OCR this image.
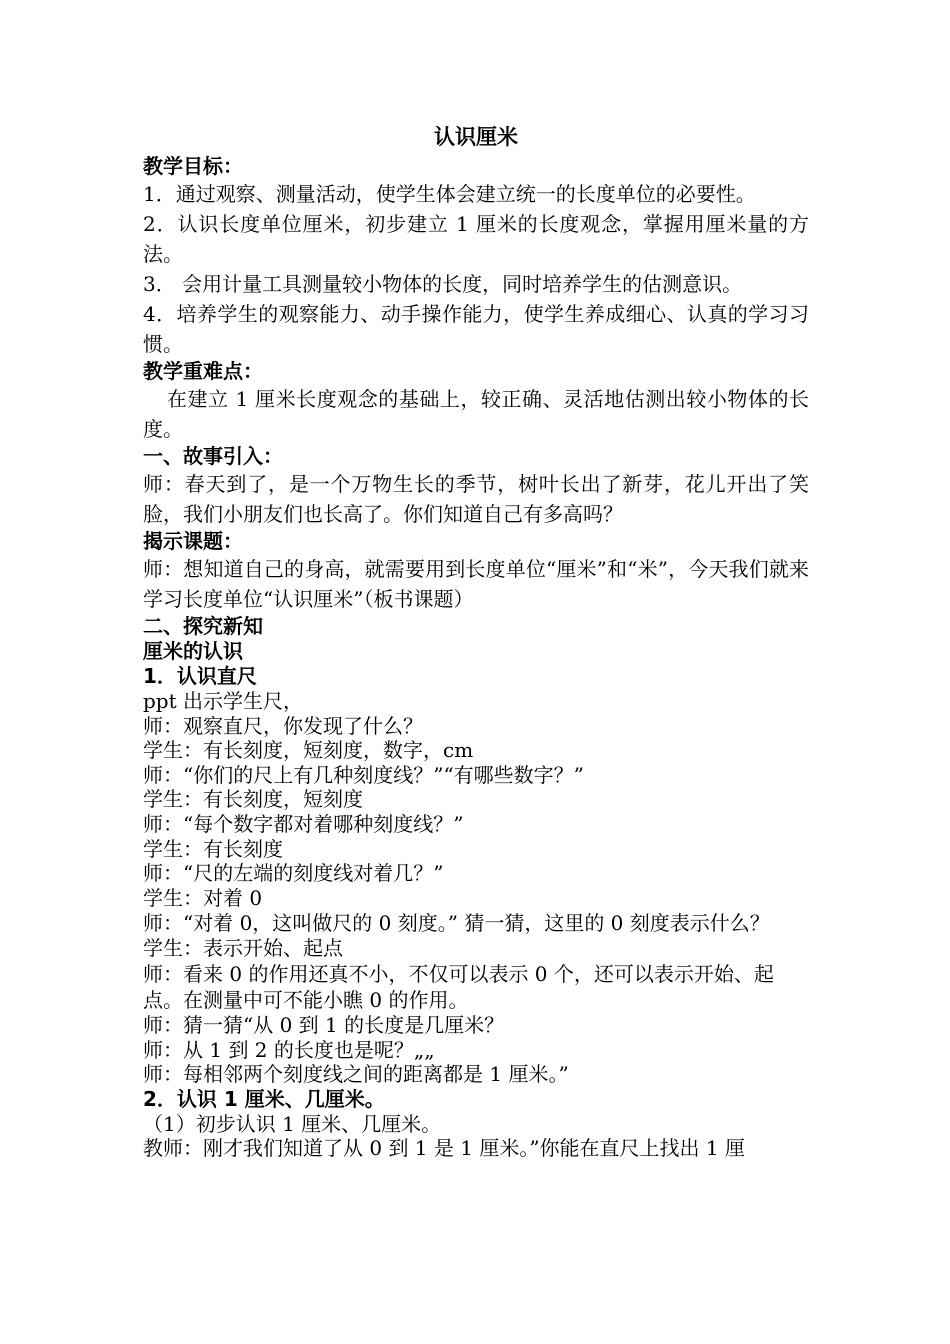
认识厘米
教学目标：
1．通过观察、测量活动，使学生体会建立统一的长度单位的必要性。
2．认识长度单位厘米，初步建立 1 厘米的长度观念，掌握用厘米量的方法。
3． 会用计量工具测量较小物体的长度，同时培养学生的估测意识。
4．培养学生的观察能力、动手操作能力，使学生养成细心、认真的学习习惯。
教学重难点：
在建立 1 厘米长度观念的基础上，较正确、灵活地估测出较小物体的长度。
一、故事引入：
师：春天到了，是一个万物生长的季节，树叶长出了新芽，花儿开出了笑脸，我们小朋友们也长高了。你们知道自己有多高吗？
揭示课题：
师：想知道自己的身高，就需要用到长度单位“厘米”和“米”，今天我们就来学习长度单位“认识厘米”（板书课题）
二、探究新知
厘米的认识
1．认识直尺
ppt 出示学生尺，
师：观察直尺，你发现了什么？
学生：有长刻度，短刻度，数字，cm
师：“你们的尺上有几种刻度线？”“有哪些数字？”
学生：有长刻度，短刻度
师：“每个数字都对着哪种刻度线？”
学生：有长刻度
师：“尺的左端的刻度线对着几？”
学生：对着 0
师：“对着 0，这叫做尺的 0 刻度。” 猜一猜，这里的 0 刻度表示什么？
学生：表示开始、起点
师：看来 0 的作用还真不小，不仅可以表示 0 个，还可以表示开始、起点。在测量中可不能小瞧 0 的作用。
师：猜一猜“从 0 到 1 的长度是几厘米？
师：从 1 到 2 的长度也是呢？„„
师：每相邻两个刻度线之间的距离都是 1 厘米。”
2．认识 1 厘米、几厘米。
（1）初步认识 1 厘米、几厘米。
教师：刚才我们知道了从 0 到 1 是 1 厘米。”你能在直尺上找出 1 厘
